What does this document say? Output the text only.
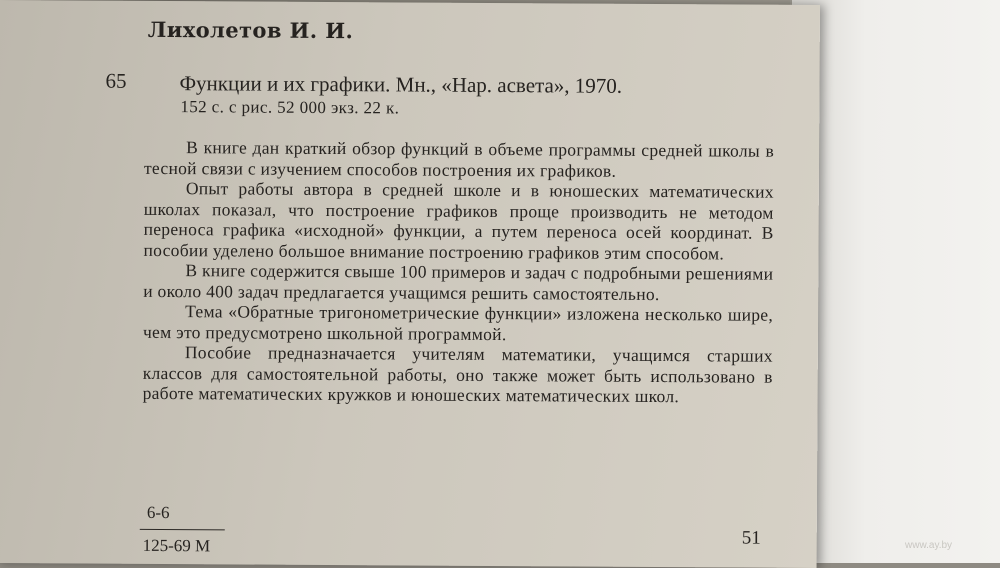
Лихолетов И. И.
65	Функции и их графики. Мн., «Нар. асвета», 1970.
152 с. с рис. 52 000 экз. 22 к.

В книге дан краткий обзор функций в объеме программы средней школы в тесной связи с изучением способов построения их графиков.

Опыт работы автора в средней школе и в юношеских математических школах показал, что построение графиков проще производить не методом переноса графика «исходной» функции, а путем переноса осей координат. В пособии уделено большое внимание построению графиков этим способом.

В книге содержится свыше 100 примеров и задач с подробными решениями и около 400 задач предлагается учащимся решить самостоятельно.

Тема «Обратные тригонометрические функции» изложена несколько шире, чем это предусмотрено школьной программой.

Пособие предназначается учителям математики, учащимся старших классов для самостоятельной работы, оно также может быть использовано в работе математических кружков и юношеских математических школ.

6-6
125-69 М	51	www.ay.by
